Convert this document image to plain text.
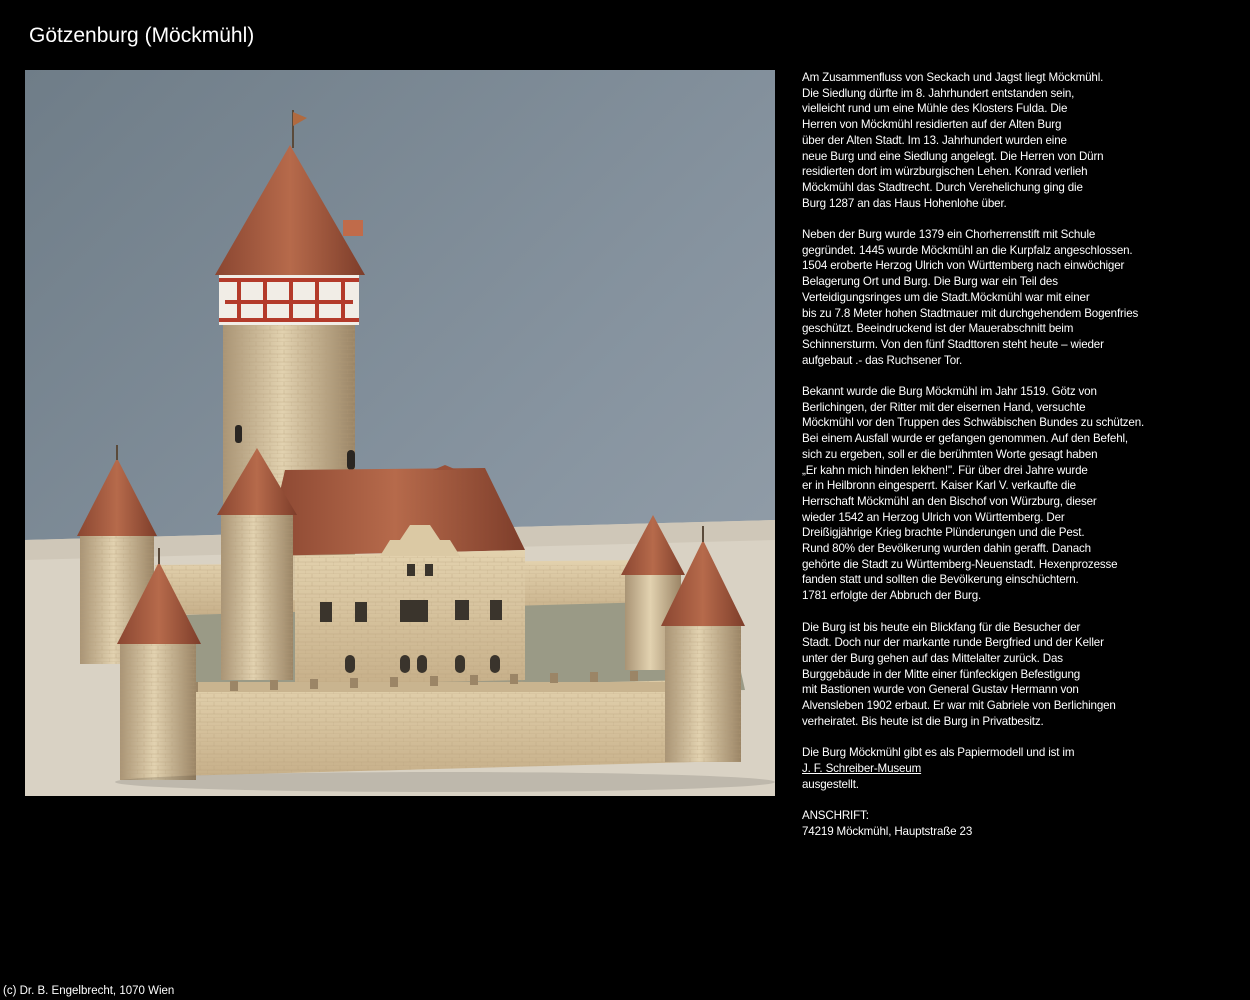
Götzenburg (Möckmühl)

Am Zusammenfluss von Seckach und Jagst liegt Möckmühl.
Die Siedlung dürfte im 8. Jahrhundert entstanden sein,
vielleicht rund um eine Mühle des Klosters Fulda. Die
Herren von Möckmühl residierten auf der Alten Burg
über der Alten Stadt. Im 13. Jahrhundert wurden eine
neue Burg und eine Siedlung angelegt. Die Herren von Dürn
residierten dort im würzburgischen Lehen. Konrad verlieh
Möckmühl das Stadtrecht. Durch Verehelichung ging die
Burg 1287 an das Haus Hohenlohe über.

Neben der Burg wurde 1379 ein Chorherrenstift mit Schule
gegründet. 1445 wurde Möckmühl an die Kurpfalz angeschlossen.
1504 eroberte Herzog Ulrich von Württemberg nach einwöchiger
Belagerung Ort und Burg. Die Burg war ein Teil des
Verteidigungsringes um die Stadt.Möckmühl war mit einer
bis zu 7.8 Meter hohen Stadtmauer mit durchgehendem Bogenfries
geschützt. Beeindruckend ist der Mauerabschnitt beim
Schinnersturm. Von den fünf Stadttoren steht heute – wieder
aufgebaut .- das Ruchsener Tor.

Bekannt wurde die Burg Möckmühl im Jahr 1519. Götz von
Berlichingen, der Ritter mit der eisernen Hand, versuchte
Möckmühl vor den Truppen des Schwäbischen Bundes zu schützen.
Bei einem Ausfall wurde er gefangen genommen. Auf den Befehl,
sich zu ergeben, soll er die berühmten Worte gesagt haben
„Er kahn mich hinden lekhen!". Für über drei Jahre wurde
er in Heilbronn eingesperrt. Kaiser Karl V. verkaufte die
Herrschaft Möckmühl an den Bischof von Würzburg, dieser
wieder 1542 an Herzog Ulrich von Württemberg. Der
Dreißigjährige Krieg brachte Plünderungen und die Pest.
Rund 80% der Bevölkerung wurden dahin gerafft. Danach
gehörte die Stadt zu Württemberg-Neuenstadt. Hexenprozesse
fanden statt und sollten die Bevölkerung einschüchtern.
1781 erfolgte der Abbruch der Burg.

Die Burg ist bis heute ein Blickfang für die Besucher der
Stadt. Doch nur der markante runde Bergfried und der Keller
unter der Burg gehen auf das Mittelalter zurück. Das
Burggebäude in der Mitte einer fünfeckigen Befestigung
mit Bastionen wurde von General Gustav Hermann von
Alvensleben 1902 erbaut. Er war mit Gabriele von Berlichingen
verheiratet. Bis heute ist die Burg in Privatbesitz.

Die Burg Möckmühl gibt es als Papiermodell und ist im
J. F. Schreiber-Museum
ausgestellt.

ANSCHRIFT:
74219 Möckmühl, Hauptstraße 23

(c) Dr. B. Engelbrecht, 1070 Wien
